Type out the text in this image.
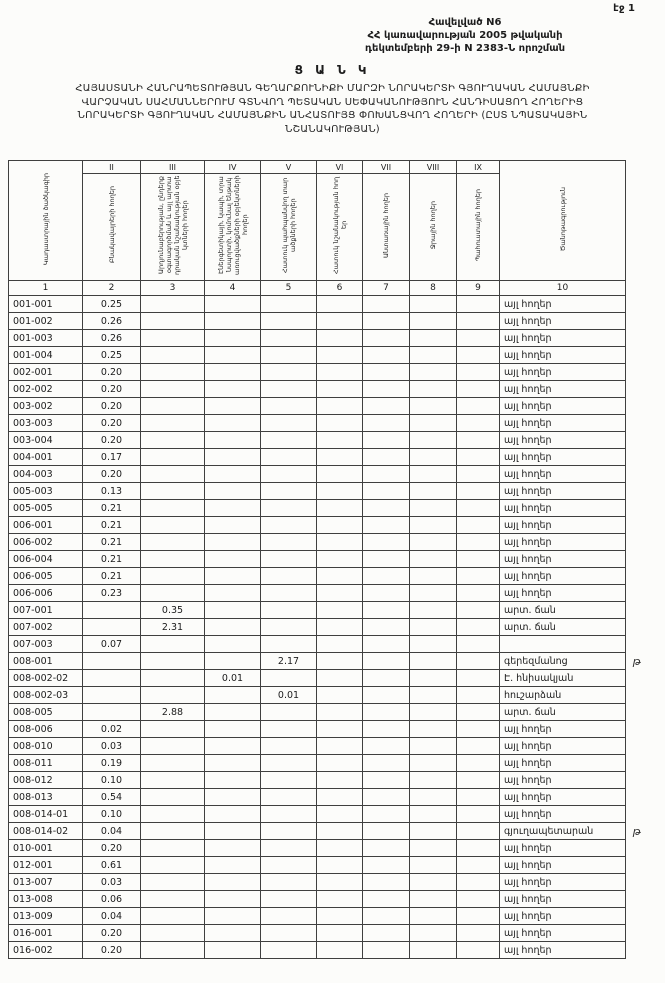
էջ 1
Հավելված N6
ՀՀ կառավարության 2005 թվականի
դեկտեմբերի 29-ի N 2383-Ն որոշման
Ց Ա Ն Կ
ՀԱՅԱՍՏԱՆԻ ՀԱՆՐԱՊԵՏՈՒԹՅԱՆ ԳԵՂԱՐՔՈՒՆԻՔԻ ՄԱՐԶԻ ՆՈՐԱԿԵՐՏԻ ԳՅՈՒՂԱԿԱՆ ՀԱՄԱՅՆՔԻ
ՎԱՐՉԱԿԱՆ ՍԱՀՄԱՆՆԵՐՈՒՄ ԳՏՆՎՈՂ ՊԵՏԱԿԱՆ ՍԵՓԱԿԱՆՈՒԹՅՈՒՆ ՀԱՆԴԻՍԱՑՈՂ ՀՈՂԵՐԻՑ
ՆՈՐԱԿԵՐՏԻ ԳՅՈՒՂԱԿԱՆ ՀԱՄԱՅՆՔԻՆ ԱՆՀԱՏՈՒՅՑ ՓՈԽԱՆՑՎՈՂ ՀՈՂԵՐԻ (ԸՍՏ ՆՊԱՏԱԿԱՅԻՆ
ՆՇԱՆԱԿՈՒԹՅԱՆ)
Կադաստրային ծածկագիր	II	III	IV	V	VI	VII	VIII	IX	Ծանոթագրություն	
	Բնակավայրերի հողեր	Արդյունաբերության, ընդերքօգտագործման և այլ արտադրական նշանակության օբյեկտների հողեր	Էներգետիկայի, կապի, տրանսպորտի, կոմունալ ենթակառուցվածքների օբյեկտների հողեր	Հատուկ պահպանվող տարածքների հողեր	Հատուկ նշանակության հողեր	Անտառային հողեր	Ջրային հողեր	Պահուստային հողեր		
1	2	3	4	5	6	7	8	9	10	
001-001	0.25								այլ հողեր	
001-002	0.26								այլ հողեր	
001-003	0.26								այլ հողեր	
001-004	0.25								այլ հողեր	
002-001	0.20								այլ հողեր	
002-002	0.20								այլ հողեր	
003-002	0.20								այլ հողեր	
003-003	0.20								այլ հողեր	
003-004	0.20								այլ հողեր	
004-001	0.17								այլ հողեր	
004-003	0.20								այլ հողեր	
005-003	0.13								այլ հողեր	
005-005	0.21								այլ հողեր	
006-001	0.21								այլ հողեր	
006-002	0.21								այլ հողեր	
006-004	0.21								այլ հողեր	
006-005	0.21								այլ հողեր	
006-006	0.23								այլ հողեր	
007-001		0.35							արտ. ճան	
007-002		2.31							արտ. ճան	
007-003	0.07									
008-001				2.17					գերեզմանոց	թ
008-002-02			0.01						Է. հնիսակյան	
008-002-03				0.01					հուշարձան	
008-005		2.88							արտ. ճան	
008-006	0.02								այլ հողեր	
008-010	0.03								այլ հողեր	
008-011	0.19								այլ հողեր	
008-012	0.10								այլ հողեր	
008-013	0.54								այլ հողեր	
008-014-01	0.10								այլ հողեր	
008-014-02	0.04								գյուղապետարան	թ
010-001	0.20								այլ հողեր	
012-001	0.61								այլ հողեր	
013-007	0.03								այլ հողեր	
013-008	0.06								այլ հողեր	
013-009	0.04								այլ հողեր	
016-001	0.20								այլ հողեր	
016-002	0.20								այլ հողեր	
